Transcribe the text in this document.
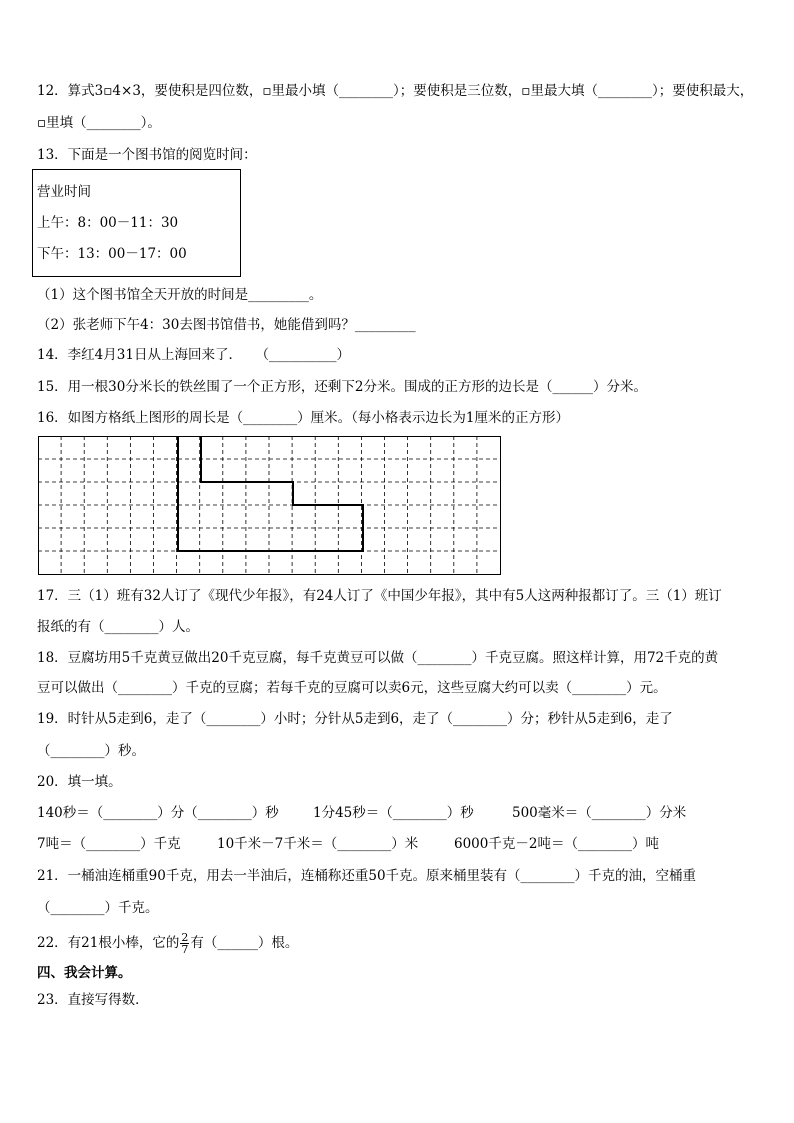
12．算式3▫4×3，要使积是四位数，▫里最小填（________）；要使积是三位数，▫里最大填（________）；要使积最大，
▫里填（________）。
13．下面是一个图书馆的阅览时间：
营业时间
上午：8：00－11：30
下午：13：00－17：00
（1）这个图书馆全天开放的时间是_________。
（2）张老师下午4：30去图书馆借书，她能借到吗？_________
14．李红4月31日从上海回来了．　　（__________）
15．用一根30分米长的铁丝围了一个正方形，还剩下2分米。围成的正方形的边长是（______）分米。
16．如图方格纸上图形的周长是（________）厘米。（每小格表示边长为1厘米的正方形）
17．三（1）班有32人订了《现代少年报》，有24人订了《中国少年报》，其中有5人这两种报都订了。三（1）班订
报纸的有（________）人。
18．豆腐坊用5千克黄豆做出20千克豆腐，每千克黄豆可以做（________）千克豆腐。照这样计算，用72千克的黄
豆可以做出（________）千克的豆腐；若每千克的豆腐可以卖6元，这些豆腐大约可以卖（________）元。
19．时针从5走到6，走了（________）小时；分针从5走到6，走了（________）分；秒针从5走到6，走了
（________）秒。
20．填一填。
140秒＝（________）分（________）秒	1分45秒＝（________）秒	500毫米＝（________）分米
7吨＝（________）千克	10千米－7千米＝（________）米	6000千克－2吨＝（________）吨
21．一桶油连桶重90千克，用去一半油后，连桶称还重50千克。原来桶里装有（________）千克的油，空桶重
（________）千克。
22．有21根小棒，它的 $\frac{2}{7}$ 有（______）根。
四、我会计算。
23．直接写得数．
